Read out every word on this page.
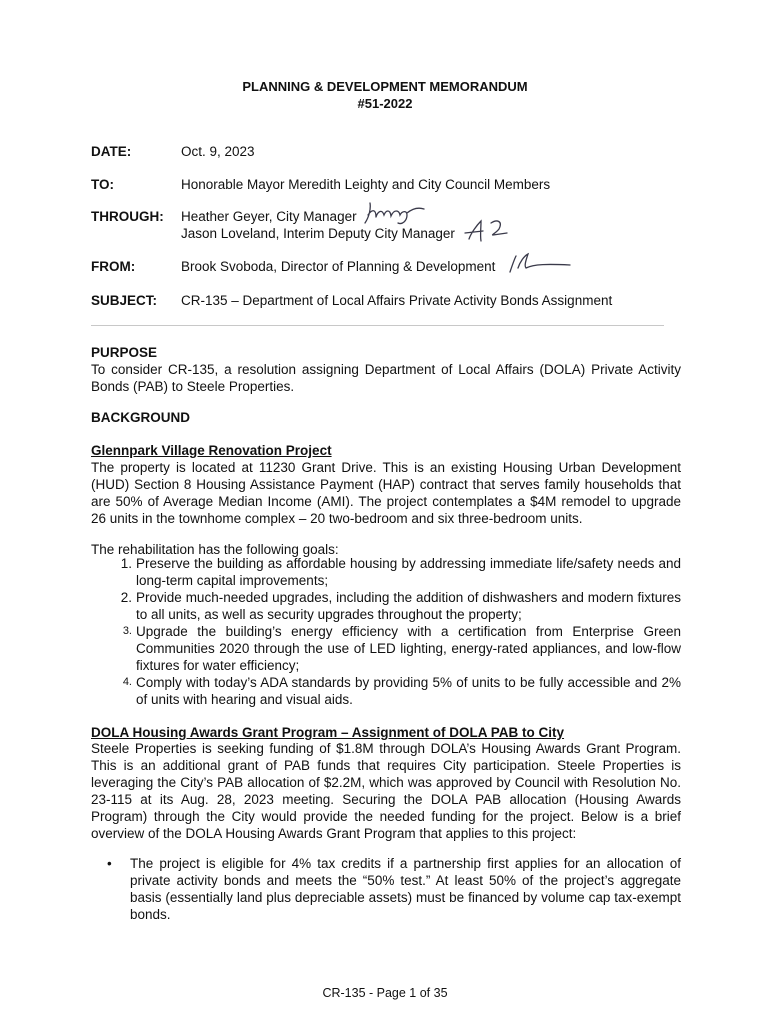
PLANNING & DEVELOPMENT MEMORANDUM
#51-2022
DATE:	Oct. 9, 2023
TO:	Honorable Mayor Meredith Leighty and City Council Members
THROUGH: Heather Geyer, City Manager
Jason Loveland, Interim Deputy City Manager
FROM:	Brook Svoboda, Director of Planning & Development
SUBJECT: CR-135 – Department of Local Affairs Private Activity Bonds Assignment
PURPOSE
To consider CR-135, a resolution assigning Department of Local Affairs (DOLA) Private Activity Bonds (PAB) to Steele Properties.
BACKGROUND
Glennpark Village Renovation Project
The property is located at 11230 Grant Drive. This is an existing Housing Urban Development (HUD) Section 8 Housing Assistance Payment (HAP) contract that serves family households that are 50% of Average Median Income (AMI). The project contemplates a $4M remodel to upgrade 26 units in the townhome complex – 20 two-bedroom and six three-bedroom units.
The rehabilitation has the following goals:
1. Preserve the building as affordable housing by addressing immediate life/safety needs and long-term capital improvements;
2. Provide much-needed upgrades, including the addition of dishwashers and modern fixtures to all units, as well as security upgrades throughout the property;
3. Upgrade the building’s energy efficiency with a certification from Enterprise Green Communities 2020 through the use of LED lighting, energy-rated appliances, and low-flow fixtures for water efficiency;
4. Comply with today’s ADA standards by providing 5% of units to be fully accessible and 2% of units with hearing and visual aids.
DOLA Housing Awards Grant Program – Assignment of DOLA PAB to City
Steele Properties is seeking funding of $1.8M through DOLA’s Housing Awards Grant Program. This is an additional grant of PAB funds that requires City participation. Steele Properties is leveraging the City’s PAB allocation of $2.2M, which was approved by Council with Resolution No. 23-115 at its Aug. 28, 2023 meeting. Securing the DOLA PAB allocation (Housing Awards Program) through the City would provide the needed funding for the project. Below is a brief overview of the DOLA Housing Awards Grant Program that applies to this project:
• The project is eligible for 4% tax credits if a partnership first applies for an allocation of private activity bonds and meets the “50% test.” At least 50% of the project’s aggregate basis (essentially land plus depreciable assets) must be financed by volume cap tax-exempt bonds.
CR-135 - Page 1 of 35
